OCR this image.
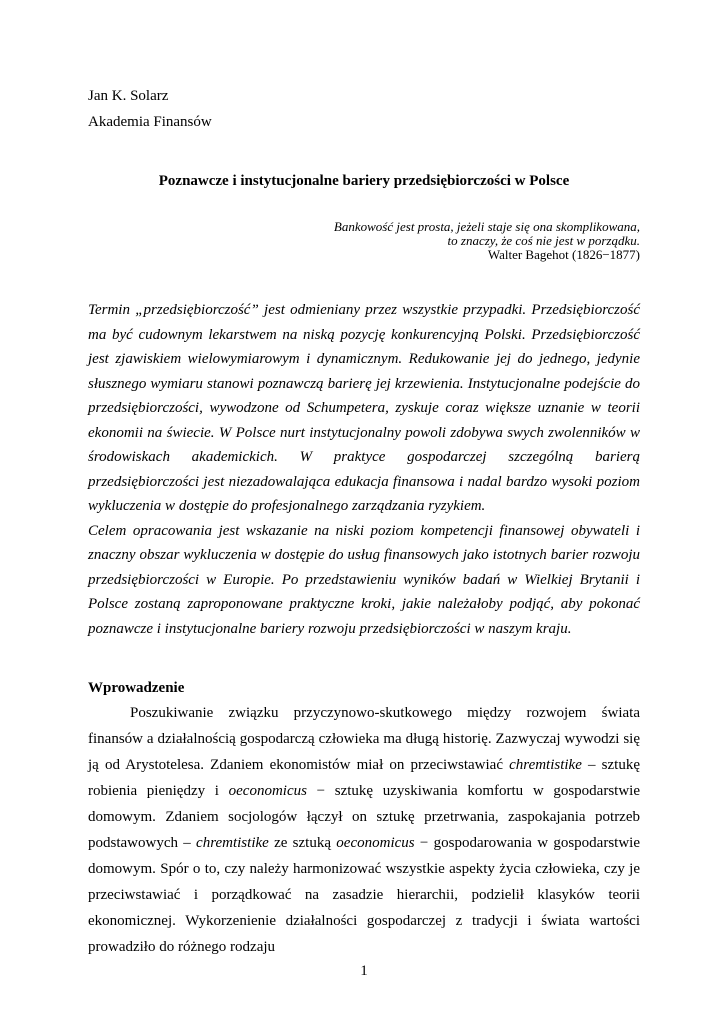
Jan K. Solarz
Akademia Finansów
Poznawcze i instytucjonalne bariery przedsiębiorczości w Polsce
Bankowość jest prosta, jeżeli staje się ona skomplikowana,
to znaczy, że coś nie jest w porządku.
Walter Bagehot (1826−1877)

Termin „przedsiębiorczość” jest odmieniany przez wszystkie przypadki. Przedsiębiorczość ma być cudownym lekarstwem na niską pozycję konkurencyjną Polski. Przedsiębiorczość jest zjawiskiem wielowymiarowym i dynamicznym. Redukowanie jej do jednego, jedynie słusznego wymiaru stanowi poznawczą barierę jej krzewienia. Instytucjonalne podejście do przedsiębiorczości, wywodzone od Schumpetera, zyskuje coraz większe uznanie w teorii ekonomii na świecie. W Polsce nurt instytucjonalny powoli zdobywa swych zwolenników w środowiskach akademickich. W praktyce gospodarczej szczególną barierą przedsiębiorczości jest niezadowalająca edukacja finansowa i nadal bardzo wysoki poziom wykluczenia w dostępie do profesjonalnego zarządzania ryzykiem.

Celem opracowania jest wskazanie na niski poziom kompetencji finansowej obywateli i znaczny obszar wykluczenia w dostępie do usług finansowych jako istotnych barier rozwoju przedsiębiorczości w Europie. Po przedstawieniu wyników badań w Wielkiej Brytanii i Polsce zostaną zaproponowane praktyczne kroki, jakie należałoby podjąć, aby pokonać poznawcze i instytucjonalne bariery rozwoju przedsiębiorczości w naszym kraju.

Wprowadzenie

Poszukiwanie związku przyczynowo-skutkowego między rozwojem świata finansów a działalnością gospodarczą człowieka ma długą historię. Zazwyczaj wywodzi się ją od Arystotelesa. Zdaniem ekonomistów miał on przeciwstawiać chremtistike – sztukę robienia pieniędzy i oeconomicus − sztukę uzyskiwania komfortu w gospodarstwie domowym. Zdaniem socjologów łączył on sztukę przetrwania, zaspokajania potrzeb podstawowych – chremtistike ze sztuką oeconomicus − gospodarowania w gospodarstwie domowym. Spór o to, czy należy harmonizować wszystkie aspekty życia człowieka, czy je przeciwstawiać i porządkować na zasadzie hierarchii, podzielił klasyków teorii ekonomicznej. Wykorzenienie działalności gospodarczej z tradycji i świata wartości prowadziło do różnego rodzaju

1
